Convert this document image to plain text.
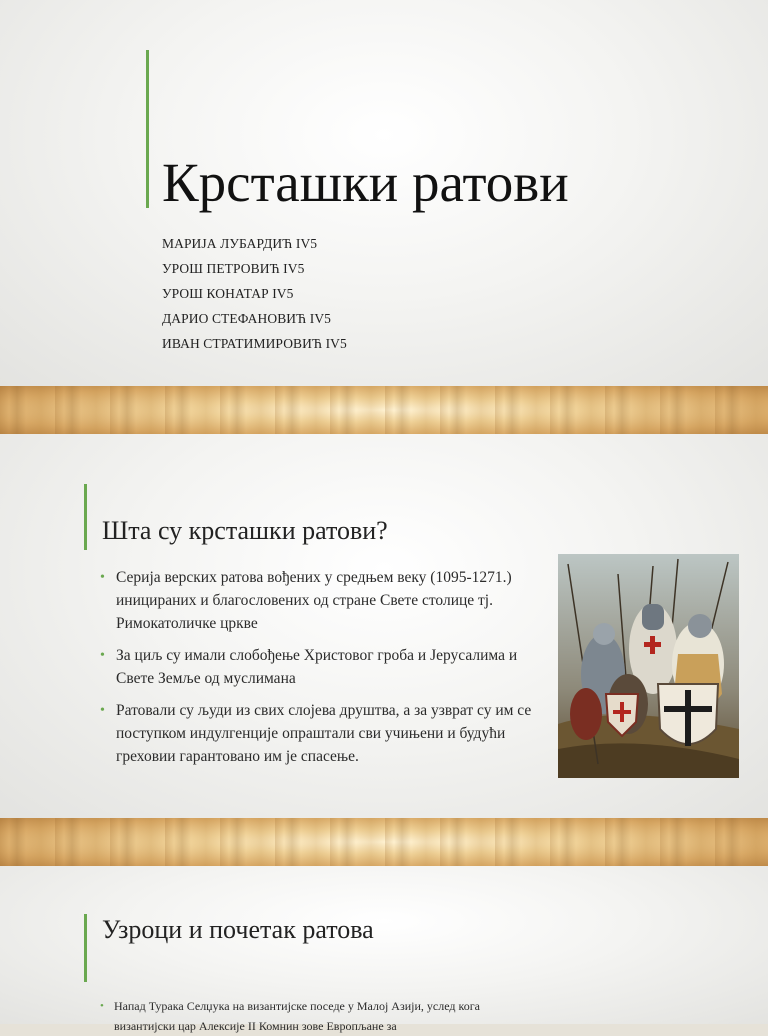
Крсташки ратови
МАРИЈА ЛУБАРДИЋ IV5
УРОШ ПЕТРОВИЋ IV5
УРОШ КОНАТАР IV5
ДАРИО СТЕФАНОВИЋ IV5
ИВАН СТРАТИМИРОВИЋ IV5
Шта су крсташки ратови?
• Серија верских ратова вођених у средњем веку (1095-1271.) иницираних и благословених од стране Свете столице тј. Римокатоличке цркве
• За циљ су имали слобођење Христовог гроба и Јерусалима и Свете Земље од муслимана
• Ратовали су људи из свих слојева друштва, а за узврат су им се поступком индулгенције опраштали сви учињени и будући греховии гарантовано им је спасење.
Узроци и почетак ратова
• Напад Турака Селџука на византијске поседе у Малој Азији, услед кога
византијски цар Алексије II Комнин зове Европљане за
